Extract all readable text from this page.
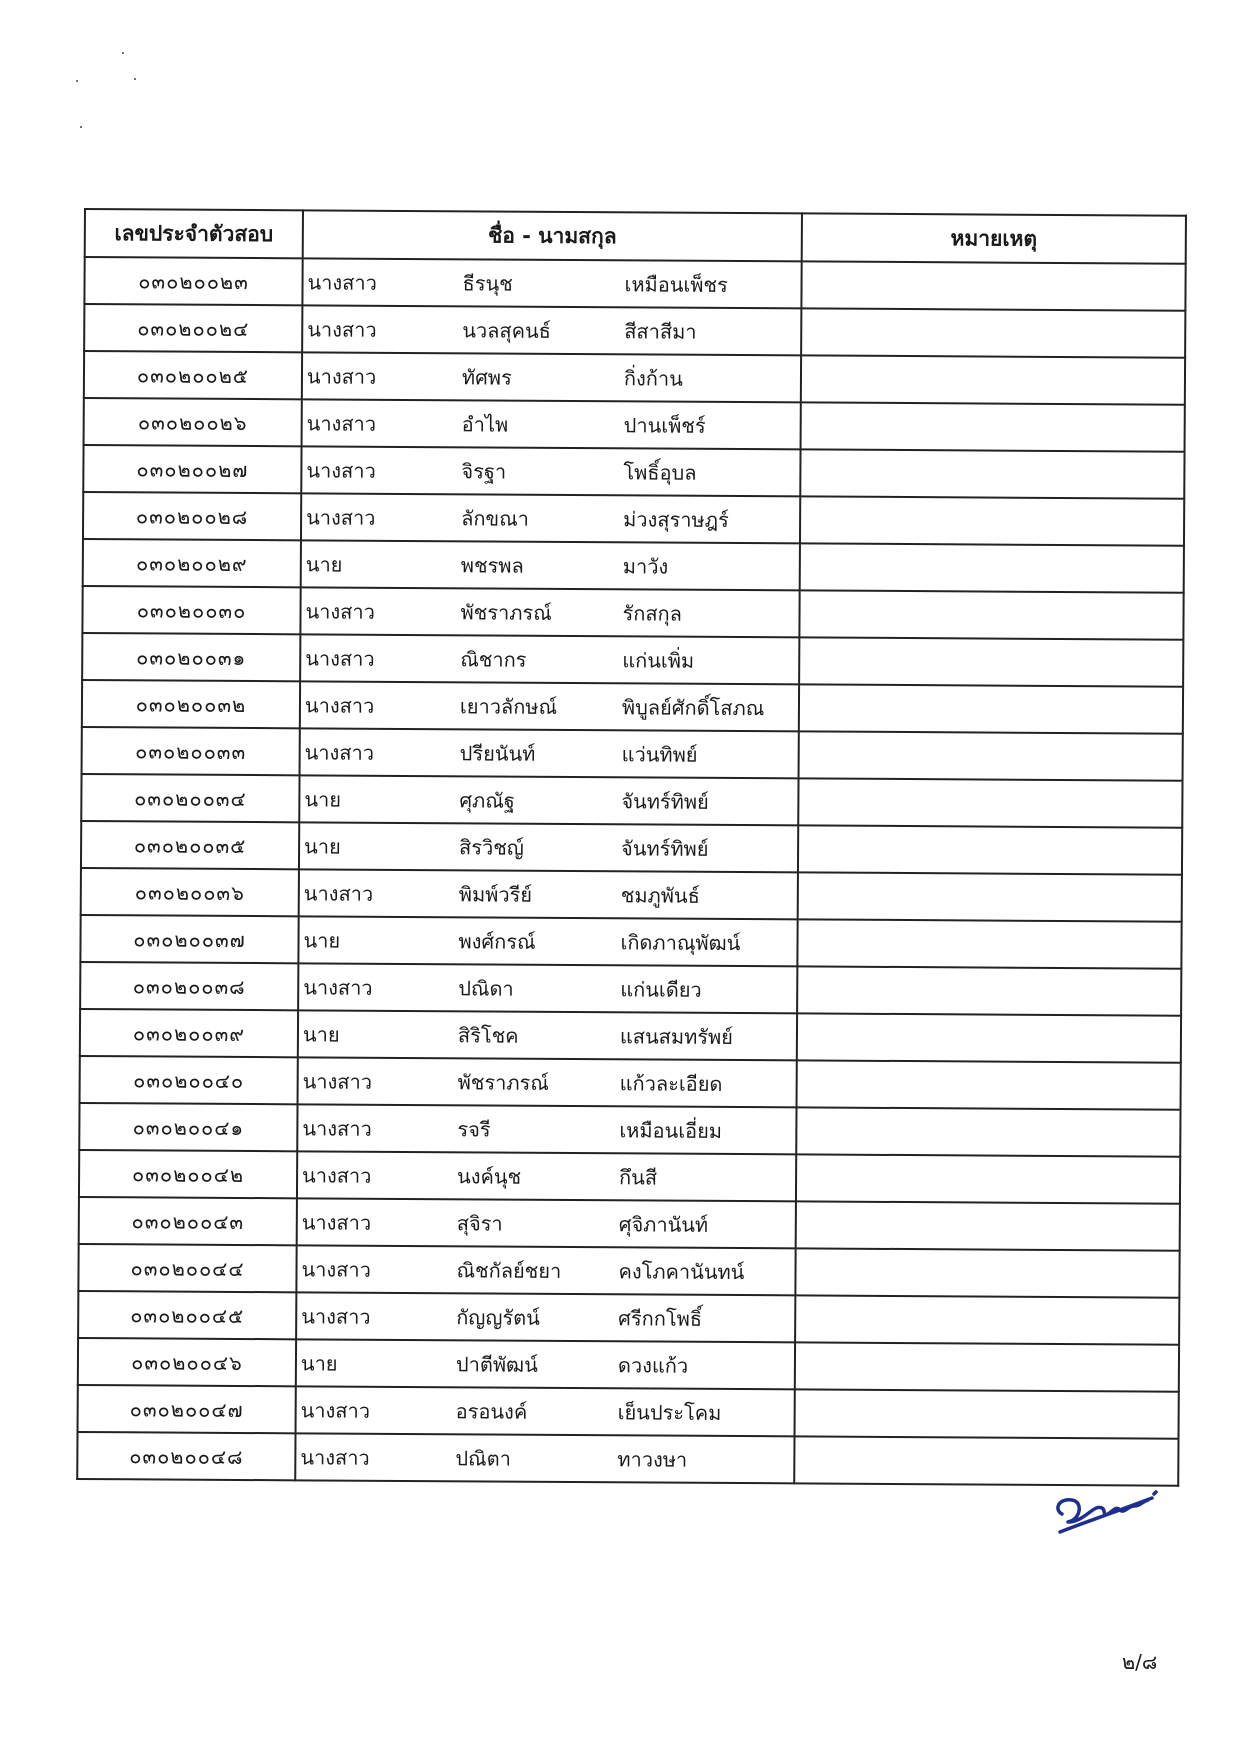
เลขประจำตัวสอบ	ชื่อ - นามสกุล	หมายเหตุ
๐๓๐๒๐๐๒๓	นางสาว ธีรนุช เหมือนเพ็ชร	

๐๓๐๒๐๐๒๔	นางสาว นวลสุคนธ์ สีสาสีมา	

๐๓๐๒๐๐๒๕	นางสาว ทัศพร กิ่งก้าน	

๐๓๐๒๐๐๒๖	นางสาว อำไพ ปานเพ็ชร์	

๐๓๐๒๐๐๒๗	นางสาว จิรฐา โพธิ์อุบล	

๐๓๐๒๐๐๒๘	นางสาว ลักขณา ม่วงสุราษฎร์	

๐๓๐๒๐๐๒๙	นาย พชรพล มาวัง	

๐๓๐๒๐๐๓๐	นางสาว พัชราภรณ์ รักสกุล	

๐๓๐๒๐๐๓๑	นางสาว ณิชากร แก่นเพิ่ม	

๐๓๐๒๐๐๓๒	นางสาว เยาวลักษณ์ พิบูลย์ศักดิ์โสภณ	

๐๓๐๒๐๐๓๓	นางสาว ปรียนันท์ แว่นทิพย์	

๐๓๐๒๐๐๓๔	นาย ศุภณัฐ จันทร์ทิพย์	

๐๓๐๒๐๐๓๕	นาย สิรวิชญ์ จันทร์ทิพย์	

๐๓๐๒๐๐๓๖	นางสาว พิมพ์วรีย์ ชมภูพันธ์	

๐๓๐๒๐๐๓๗	นาย พงศ์กรณ์ เกิดภาณุพัฒน์	

๐๓๐๒๐๐๓๘	นางสาว ปณิดา แก่นเดียว	

๐๓๐๒๐๐๓๙	นาย สิริโชค แสนสมทรัพย์	

๐๓๐๒๐๐๔๐	นางสาว พัชราภรณ์ แก้วละเอียด	

๐๓๐๒๐๐๔๑	นางสาว รจรี เหมือนเอี่ยม	

๐๓๐๒๐๐๔๒	นางสาว นงค์นุช กึนสี	

๐๓๐๒๐๐๔๓	นางสาว สุจิรา ศุจิภานันท์	

๐๓๐๒๐๐๔๔	นางสาว ณิชกัลย์ชยา คงโภคานันทน์	

๐๓๐๒๐๐๔๕	นางสาว กัญญรัตน์ ศรีกกโพธิ์	

๐๓๐๒๐๐๔๖	นาย ปาตีพัฒน์ ดวงแก้ว	

๐๓๐๒๐๐๔๗	นางสาว อรอนงค์ เย็นประโคม	

๐๓๐๒๐๐๔๘	นางสาว ปณิตา ทาวงษา	

๒/๘
